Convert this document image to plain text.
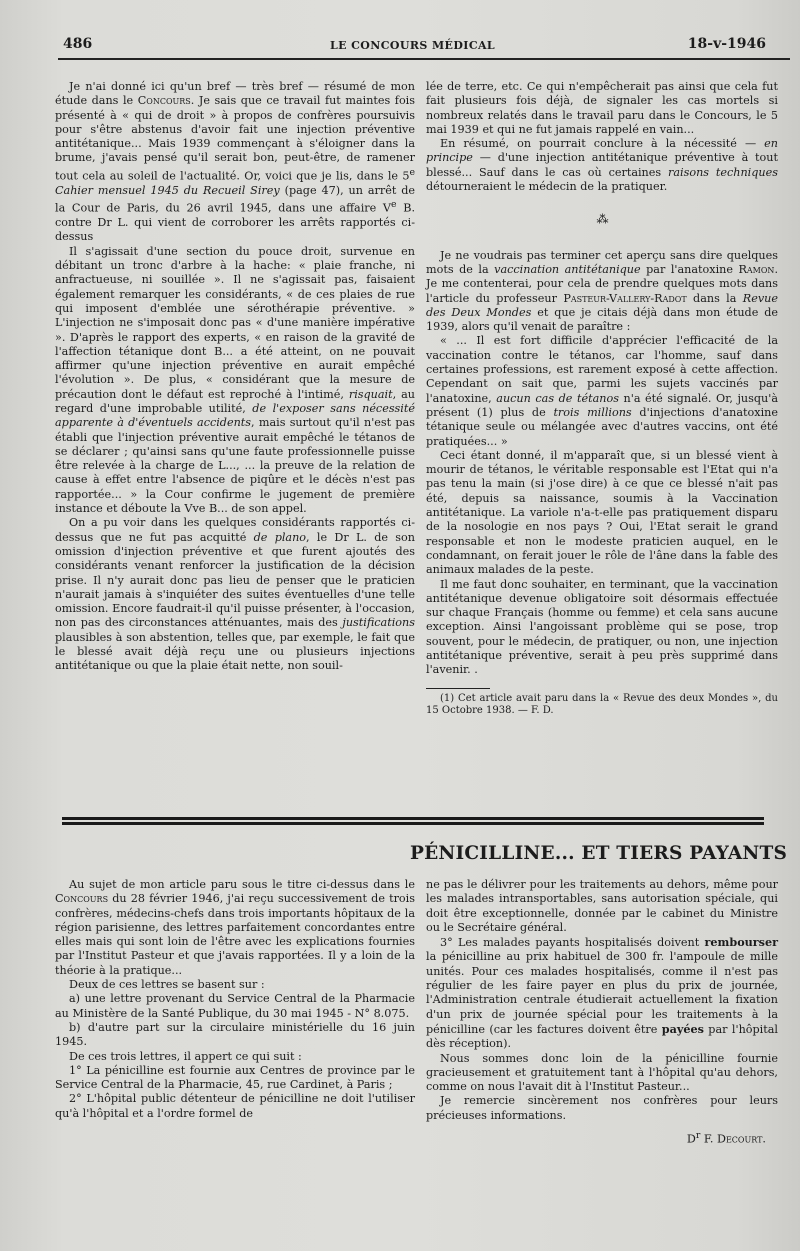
486	LE CONCOURS MÉDICAL	18-v-1946

Je n'ai donné ici qu'un bref — très bref — résumé de mon étude dans le Concours. Je sais que ce travail fut maintes fois présenté à « qui de droit » à propos de confrères poursuivis pour s'être abstenus d'avoir fait une injection préventive antitétanique... Mais 1939 commençant à s'éloigner dans la brume, j'avais pensé qu'il serait bon, peut-être, de ramener tout cela au soleil de l'actualité. Or, voici que je lis, dans le 5e Cahier mensuel 1945 du Recueil Sirey (page 47), un arrêt de la Cour de Paris, du 26 avril 1945, dans une affaire Ve B. contre Dr L. qui vient de corroborer les arrêts rapportés ci-dessus

Il s'agissait d'une section du pouce droit, survenue en débitant un tronc d'arbre à la hache: « plaie franche, ni anfractueuse, ni souillée ». Il ne s'agissait pas, faisaient également remarquer les considérants, « de ces plaies de rue qui imposent d'emblée une sérothérapie préventive. » L'injection ne s'imposait donc pas « d'une manière impérative ». D'après le rapport des experts, « en raison de la gravité de l'affection tétanique dont B... a été atteint, on ne pouvait affirmer qu'une injection préventive en aurait empêché l'évolution ». De plus, « considérant que la mesure de précaution dont le défaut est reproché à l'intimé, risquait, au regard d'une improbable utilité, de l'exposer sans nécessité apparente à d'éventuels accidents, mais surtout qu'il n'est pas établi que l'injection préventive aurait empêché le tétanos de se déclarer ; qu'ainsi sans qu'une faute professionnelle puisse être relevée à la charge de L..., ... la preuve de la relation de cause à effet entre l'absence de piqûre et le décès n'est pas rapportée... » la Cour confirme le jugement de première instance et déboute la Vve B... de son appel.

On a pu voir dans les quelques considérants rapportés ci-dessus que ne fut pas acquitté de plano, le Dr L. de son omission d'injection préventive et que furent ajoutés des considérants venant renforcer la justification de la décision prise. Il n'y aurait donc pas lieu de penser que le praticien n'aurait jamais à s'inquiéter des suites éventuelles d'une telle omission. Encore faudrait-il qu'il puisse présenter, à l'occasion, non pas des circonstances atténuantes, mais des justifications plausibles à son abstention, telles que, par exemple, le fait que le blessé avait déjà reçu une ou plusieurs injections antitétanique ou que la plaie était nette, non souil-

lée de terre, etc. Ce qui n'empêcherait pas ainsi que cela fut fait plusieurs fois déjà, de signaler les cas mortels si nombreux relatés dans le travail paru dans le Concours, le 5 mai 1939 et qui ne fut jamais rappelé en vain...

En résumé, on pourrait conclure à la nécessité — en principe — d'une injection antitétanique préventive à tout blessé... Sauf dans le cas où certaines raisons techniques détourneraient le médecin de la pratiquer.

⁂

Je ne voudrais pas terminer cet aperçu sans dire quelques mots de la vaccination antitétanique par l'anatoxine Ramon. Je me contenterai, pour cela de prendre quelques mots dans l'article du professeur Pasteur-Vallery-Radot dans la Revue des Deux Mondes et que je citais déjà dans mon étude de 1939, alors qu'il venait de paraître :

« ... Il est fort difficile d'apprécier l'efficacité de la vaccination contre le tétanos, car l'homme, sauf dans certaines professions, est rarement exposé à cette affection. Cependant on sait que, parmi les sujets vaccinés par l'anatoxine, aucun cas de tétanos n'a été signalé. Or, jusqu'à présent (1) plus de trois millions d'injections d'anatoxine tétanique seule ou mélangée avec d'autres vaccins, ont été pratiquées... »

Ceci étant donné, il m'apparaît que, si un blessé vient à mourir de tétanos, le véritable responsable est l'Etat qui n'a pas tenu la main (si j'ose dire) à ce que ce blessé n'ait pas été, depuis sa naissance, soumis à la Vaccination antitétanique. La variole n'a-t-elle pas pratiquement disparu de la nosologie en nos pays ? Oui, l'Etat serait le grand responsable et non le modeste praticien auquel, en le condamnant, on ferait jouer le rôle de l'âne dans la fable des animaux malades de la peste.

Il me faut donc souhaiter, en terminant, que la vaccination antitétanique devenue obligatoire soit désormais effectuée sur chaque Français (homme ou femme) et cela sans aucune exception. Ainsi l'angoissant problème qui se pose, trop souvent, pour le médecin, de pratiquer, ou non, une injection antitétanique préventive, serait à peu près supprimé dans l'avenir. .

(1) Cet article avait paru dans la « Revue des deux Mondes », du 15 Octobre 1938. — F. D.

PÉNICILLINE... ET TIERS PAYANTS

Au sujet de mon article paru sous le titre ci-dessus dans le Concours du 28 février 1946, j'ai reçu successivement de trois confrères, médecins-chefs dans trois importants hôpitaux de la région parisienne, des lettres parfaitement concordantes entre elles mais qui sont loin de l'être avec les explications fournies par l'Institut Pasteur et que j'avais rapportées. Il y a loin de la théorie à la pratique...

Deux de ces lettres se basent sur :

a) une lettre provenant du Service Central de la Pharmacie au Ministère de la Santé Publique, du 30 mai 1945 - N° 8.075.

b) d'autre part sur la circulaire ministérielle du 16 juin 1945.

De ces trois lettres, il appert ce qui suit :

1° La pénicilline est fournie aux Centres de province par le Service Central de la Pharmacie, 45, rue Cardinet, à Paris ;

2° L'hôpital public détenteur de pénicilline ne doit l'utiliser qu'à l'hôpital et a l'ordre formel de

ne pas le délivrer pour les traitements au dehors, même pour les malades intransportables, sans autorisation spéciale, qui doit être exceptionnelle, donnée par le cabinet du Ministre ou le Secrétaire général.

3° Les malades payants hospitalisés doivent rembourser la pénicilline au prix habituel de 300 fr. l'ampoule de mille unités. Pour ces malades hospitalisés, comme il n'est pas régulier de les faire payer en plus du prix de journée, l'Administration centrale étudierait actuellement la fixation d'un prix de journée spécial pour les traitements à la pénicilline (car les factures doivent être payées par l'hôpital dès réception).

Nous sommes donc loin de la pénicilline fournie gracieusement et gratuitement tant à l'hôpital qu'au dehors, comme on nous l'avait dit à l'Institut Pasteur...

Je remercie sincèrement nos confrères pour leurs précieuses informations.

$D^r$ F. Decourt.
